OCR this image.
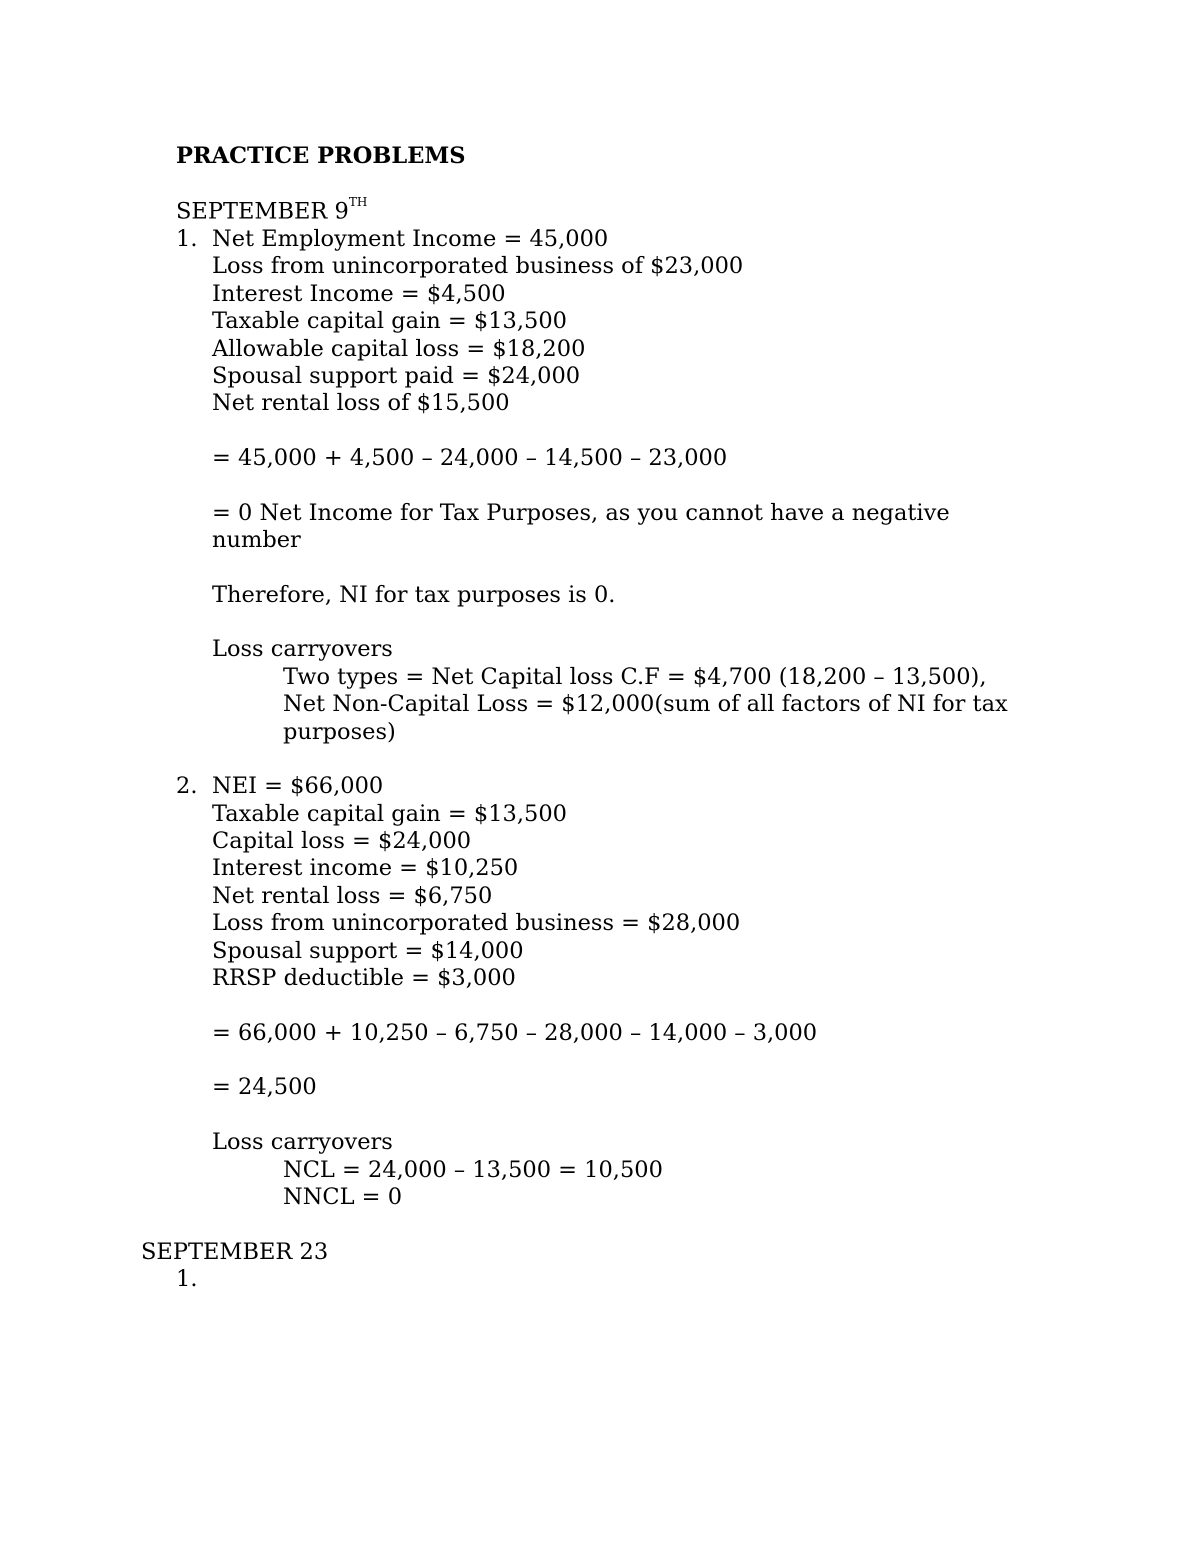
PRACTICE PROBLEMS
SEPTEMBER 9TH
1. Net Employment Income = 45,000
Loss from unincorporated business of $23,000
Interest Income = $4,500
Taxable capital gain = $13,500
Allowable capital loss = $18,200
Spousal support paid = $24,000
Net rental loss of $15,500
= 45,000 + 4,500 – 24,000 – 14,500 – 23,000
= 0 Net Income for Tax Purposes, as you cannot have a negative
number
Therefore, NI for tax purposes is 0.
Loss carryovers
Two types = Net Capital loss C.F = $4,700 (18,200 – 13,500),
Net Non-Capital Loss = $12,000(sum of all factors of NI for tax
purposes)
2. NEI = $66,000
Taxable capital gain = $13,500
Capital loss = $24,000
Interest income = $10,250
Net rental loss = $6,750
Loss from unincorporated business = $28,000
Spousal support = $14,000
RRSP deductible = $3,000
= 66,000 + 10,250 – 6,750 – 28,000 – 14,000 – 3,000
= 24,500
Loss carryovers
NCL = 24,000 – 13,500 = 10,500
NNCL = 0
SEPTEMBER 23
1.
